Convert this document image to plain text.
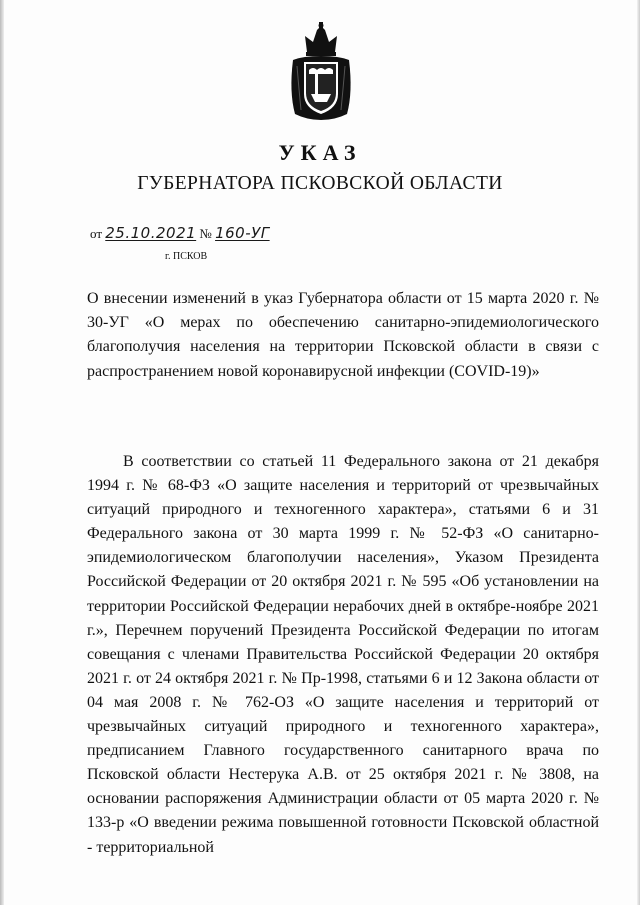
УКАЗ
ГУБЕРНАТОРА ПСКОВСКОЙ ОБЛАСТИ
от 25.10.2021 № 160-УГ
г. ПСКОВ
О внесении изменений в указ Губернатора области от 15 марта 2020 г. № 30-УГ «О мерах по обеспечению санитарно-эпидемиологического благополучия населения на территории Псковской области в связи с распространением новой коронавирусной инфекции (COVID-19)»
В соответствии со статьей 11 Федерального закона от 21 декабря 1994 г. № 68-ФЗ «О защите населения и территорий от чрезвычайных ситуаций природного и техногенного характера», статьями 6 и 31 Федерального закона от 30 марта 1999 г. № 52-ФЗ «О санитарно-эпидемиологическом благополучии населения», Указом Президента Российской Федерации от 20 октября 2021 г. № 595 «Об установлении на территории Российской Федерации нерабочих дней в октябре-ноябре 2021 г.», Перечнем поручений Президента Российской Федерации по итогам совещания с членами Правительства Российской Федерации 20 октября 2021 г. от 24 октября 2021 г. № Пр-1998, статьями 6 и 12 Закона области от 04 мая 2008 г. № 762-ОЗ «О защите населения и территорий от чрезвычайных ситуаций природного и техногенного характера», предписанием Главного государственного санитарного врача по Псковской области Нестерука А.В. от 25 октября 2021 г. № 3808, на основании распоряжения Администрации области от 05 марта 2020 г. № 133-р «О введении режима повышенной готовности Псковской областной - территориальной
